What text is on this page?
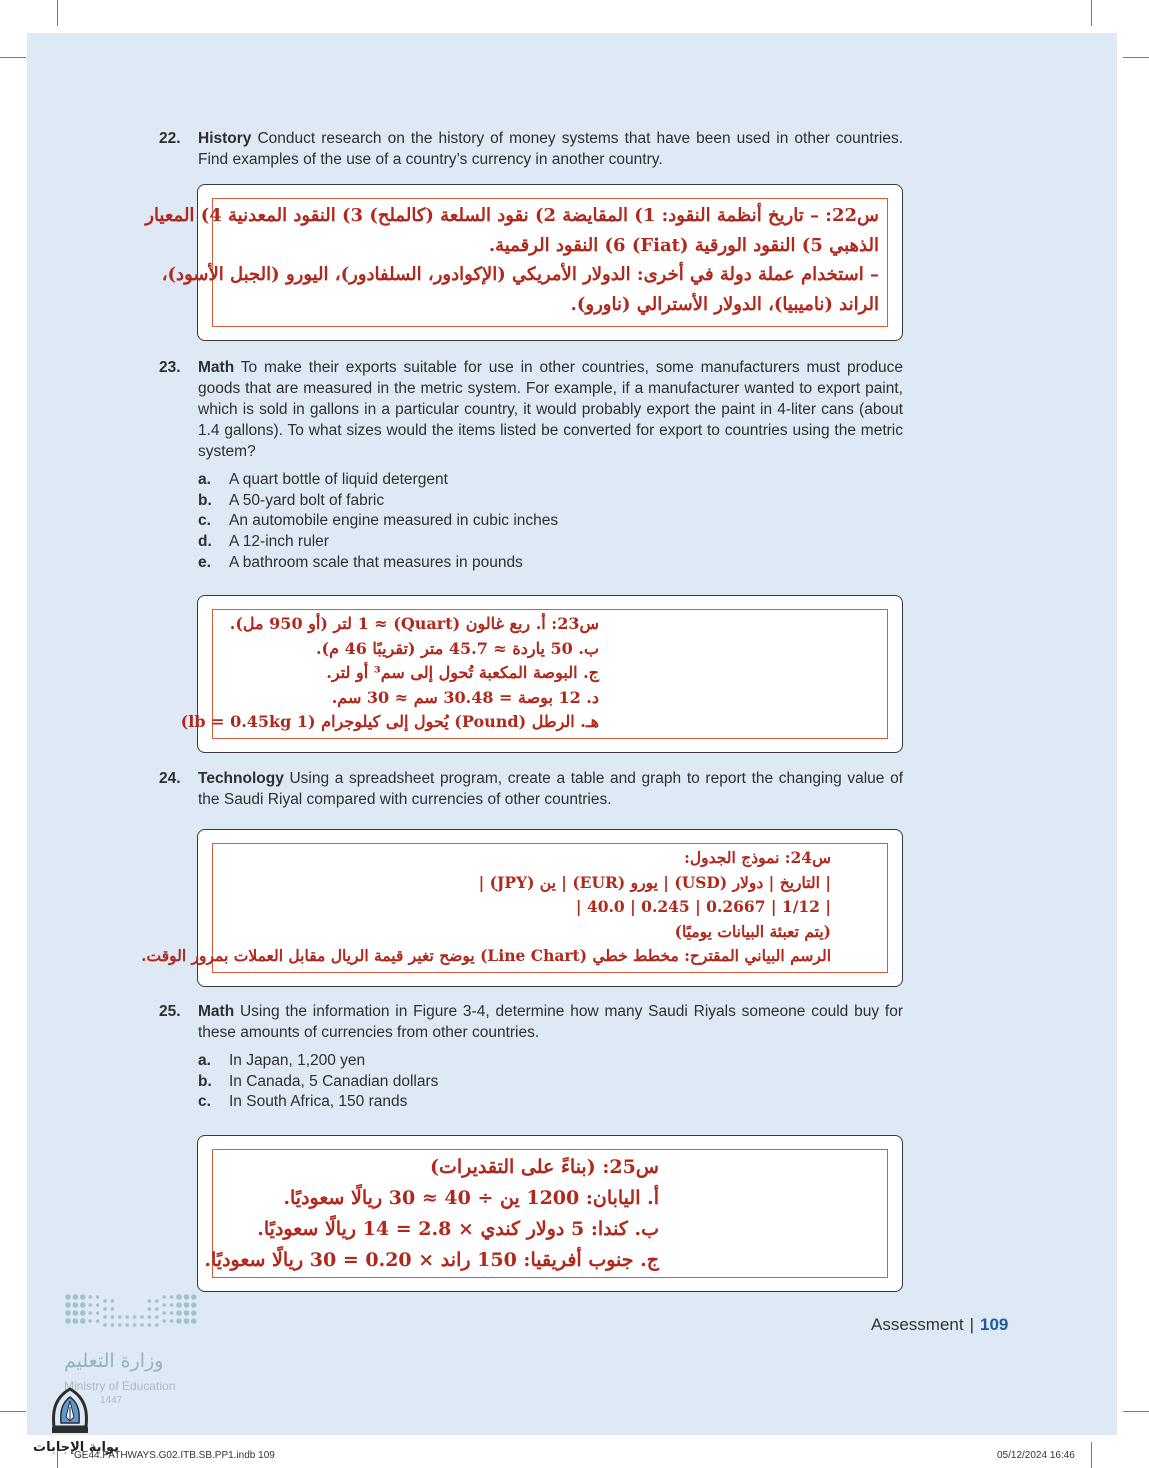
22. History Conduct research on the history of money systems that have been used in other countries. Find examples of the use of a country’s currency in another country.
س22: – تاريخ أنظمة النقود: 1) المقايضة 2) نقود السلعة (كالملح) 3) النقود المعدنية 4) المعيار
الذهبي 5) النقود الورقية (Fiat) 6) النقود الرقمية.
– استخدام عملة دولة في أخرى: الدولار الأمريكي (الإكوادور، السلفادور)، اليورو (الجبل الأسود)،
الراند (ناميبيا)، الدولار الأسترالي (ناورو).
23. Math To make their exports suitable for use in other countries, some manufacturers must produce goods that are measured in the metric system. For example, if a manufacturer wanted to export paint, which is sold in gallons in a particular country, it would probably export the paint in 4-liter cans (about 1.4 gallons). To what sizes would the items listed be converted for export to countries using the metric system?
a. A quart bottle of liquid detergent
b. A 50-yard bolt of fabric
c. An automobile engine measured in cubic inches
d. A 12-inch ruler
e. A bathroom scale that measures in pounds
س23: أ. ربع غالون (Quart) ≈ 1 لتر (أو 950 مل).
ب. 50 ياردة ≈ 45.7 متر (تقريبًا 46 م).
ج. البوصة المكعبة تُحول إلى سم³ أو لتر.
د. 12 بوصة = 30.48 سم ≈ 30 سم.
هـ. الرطل (Pound) يُحول إلى كيلوجرام (1 lb = 0.45kg)
24. Technology Using a spreadsheet program, create a table and graph to report the changing value of the Saudi Riyal compared with currencies of other countries.
س24: نموذج الجدول:
| التاريخ | دولار (USD) | يورو (EUR) | ين (JPY) |
| 1/12 | 0.2667 | 0.245 | 40.0 |
(يتم تعبئة البيانات يوميًا)
الرسم البياني المقترح: مخطط خطي (Line Chart) يوضح تغير قيمة الريال مقابل العملات بمرور الوقت.
25. Math Using the information in Figure 3-4, determine how many Saudi Riyals someone could buy for these amounts of currencies from other countries.
a. In Japan, 1,200 yen
b. In Canada, 5 Canadian dollars
c. In South Africa, 150 rands
س25: (بناءً على التقديرات)
أ. اليابان: 1200 ين ÷ 40 ≈ 30 ريالًا سعوديًا.
ب. كندا: 5 دولار كندي × 2.8 = 14 ريالًا سعوديًا.
ج. جنوب أفريقيا: 150 راند × 0.20 = 30 ريالًا سعوديًا.
Assessment | 109
وزارة التعليم
Ministry of Education
1447
بوابة الإجابات
GE44.PATHWAYS.G02.ITB.SB.PP1.indb 109	05/12/2024 16:46
